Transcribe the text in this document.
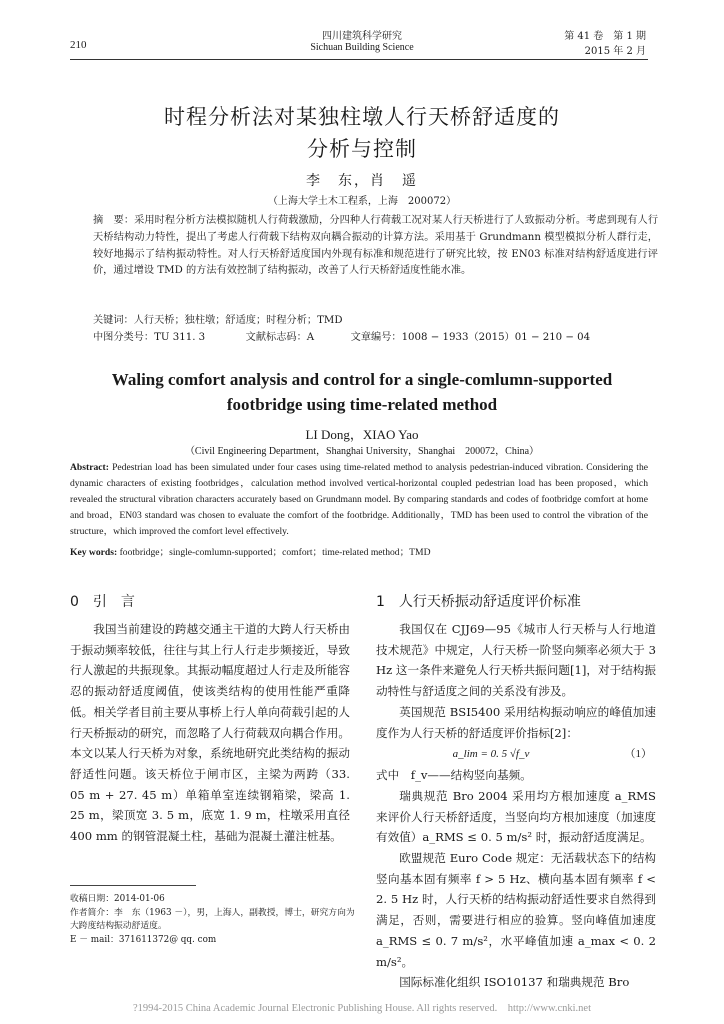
210
四川建筑科学研究
Sichuan Building Science
第 41 卷　第 1 期
2015 年 2 月
时程分析法对某独柱墩人行天桥舒适度的
分析与控制
李　东，肖　遥
（上海大学土木工程系，上海　200072）
摘　要：采用时程分析方法模拟随机人行荷载激励，分四种人行荷载工况对某人行天桥进行了人致振动分析。考虑到现有人行天桥结构动力特性，提出了考虑人行荷载下结构双向耦合振动的计算方法。采用基于 Grundmann 模型模拟分析人群行走，较好地揭示了结构振动特性。对人行天桥舒适度国内外现有标准和规范进行了研究比较，按 EN03 标准对结构舒适度进行评价，通过增设 TMD 的方法有效控制了结构振动，改善了人行天桥舒适度性能水准。
关键词：人行天桥；独柱墩；舒适度；时程分析；TMD
中图分类号：TU 311. 3	文献标志码：A	文章编号：1008 − 1933（2015）01 − 210 − 04
Waling comfort analysis and control for a single-comlumn-supported
footbridge using time-related method
LI Dong，XIAO Yao
（Civil Engineering Department，Shanghai University，Shanghai　200072，China）
Abstract: Pedestrian load has been simulated under four cases using time-related method to analysis pedestrian-induced vibration. Considering the dynamic characters of existing footbridges，calculation method involved vertical-horizontal coupled pedestrian load has been proposed，which revealed the structural vibration characters accurately based on Grundmann model. By comparing standards and codes of footbridge comfort at home and broad，EN03 standard was chosen to evaluate the comfort of the footbridge. Additionally，TMD has been used to control the vibration of the structure，which improved the comfort level effectively.
Key words: footbridge；single-comlumn-supported；comfort；time-related method；TMD
0　引　言

我国当前建设的跨越交通主干道的大跨人行天桥由于振动频率较低，往往与其上行人行走步频接近，导致行人激起的共振现象。其振动幅度超过人行走及所能容忍的振动舒适度阈值，使该类结构的使用性能严重降低。相关学者目前主要从事桥上行人单向荷载引起的人行天桥振动的研究，而忽略了人行荷载双向耦合作用。本文以某人行天桥为对象，系统地研究此类结构的振动舒适性问题。该天桥位于闸市区，主梁为两跨（33. 05 m + 27. 45 m）单箱单室连续钢箱梁，梁高 1. 25 m，梁顶宽 3. 5 m，底宽 1. 9 m，柱墩采用直径 400 mm 的钢管混凝土柱，基础为混凝土灌注桩基。

收稿日期：2014-01-06
作者简介：李　东（1963 －），男，上海人，副教授，博士，研究方向为
大跨度结构振动舒适度。
E － mail：371611372@ qq. com
1　人行天桥振动舒适度评价标准

我国仅在 CJJ69—95《城市人行天桥与人行地道技术规范》中规定，人行天桥一阶竖向频率必须大于 3 Hz 这一条件来避免人行天桥共振问题[1]，对于结构振动特性与舒适度之间的关系没有涉及。

英国规范 BSI5400 采用结构振动响应的峰值加速度作为人行天桥的舒适度评价指标[2]：

a_lim = 0. 5 √f_v	（1）

式中　f_v——结构竖向基频。

瑞典规范 Bro 2004 采用均方根加速度 a_RMS 来评价人行天桥舒适度，当竖向均方根加速度（加速度有效值）a_RMS ≤ 0. 5 m/s² 时，振动舒适度满足。

欧盟规范 Euro Code 规定：无活载状态下的结构竖向基本固有频率 f > 5 Hz、横向基本固有频率 f < 2. 5 Hz 时，人行天桥的结构振动舒适性要求自然得到满足，否则，需要进行相应的验算。竖向峰值加速度 a_RMS ≤ 0. 7 m/s²，水平峰值加速 a_max < 0. 2 m/s²。

国际标准化组织 ISO10137 和瑞典规范 Bro

?1994-2015 China Academic Journal Electronic Publishing House. All rights reserved.　http://www.cnki.net
